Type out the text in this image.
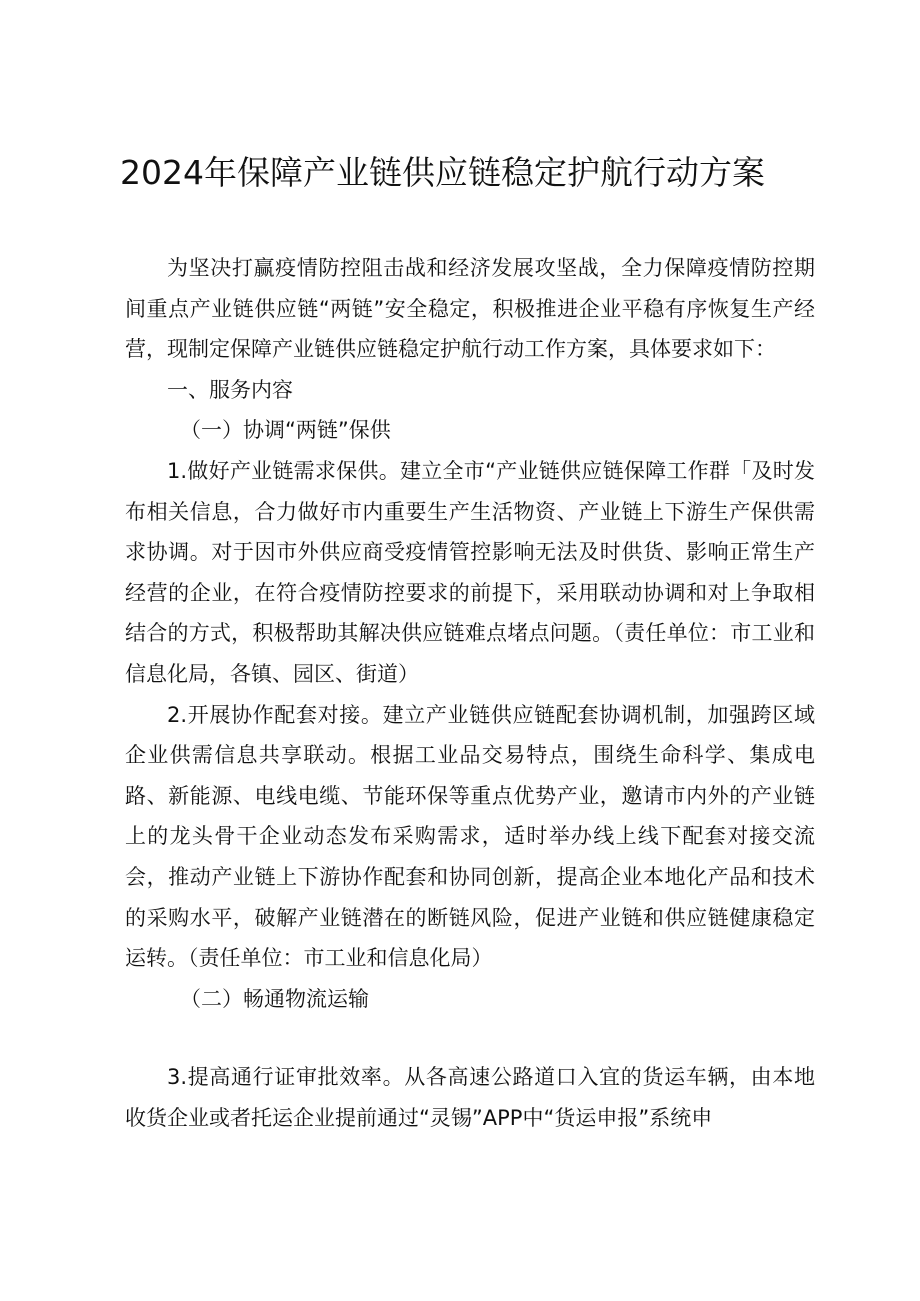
2024年保障产业链供应链稳定护航行动方案

为坚决打赢疫情防控阻击战和经济发展攻坚战，全力保障疫情防控期间重点产业链供应链“两链”安全稳定，积极推进企业平稳有序恢复生产经营，现制定保障产业链供应链稳定护航行动工作方案，具体要求如下：

一、服务内容

（一）协调“两链”保供

1.做好产业链需求保供。建立全市“产业链供应链保障工作群「及时发布相关信息，合力做好市内重要生产生活物资、产业链上下游生产保供需求协调。对于因市外供应商受疫情管控影响无法及时供货、影响正常生产经营的企业，在符合疫情防控要求的前提下，采用联动协调和对上争取相结合的方式，积极帮助其解决供应链难点堵点问题。（责任单位：市工业和信息化局，各镇、园区、街道）

2.开展协作配套对接。建立产业链供应链配套协调机制，加强跨区域企业供需信息共享联动。根据工业品交易特点，围绕生命科学、集成电路、新能源、电线电缆、节能环保等重点优势产业，邀请市内外的产业链上的龙头骨干企业动态发布采购需求，适时举办线上线下配套对接交流会，推动产业链上下游协作配套和协同创新，提高企业本地化产品和技术的采购水平，破解产业链潜在的断链风险，促进产业链和供应链健康稳定运转。（责任单位：市工业和信息化局）

（二）畅通物流运输

3.提高通行证审批效率。从各高速公路道口入宜的货运车辆，由本地收货企业或者托运企业提前通过“灵锡”APP中“货运申报”系统申
